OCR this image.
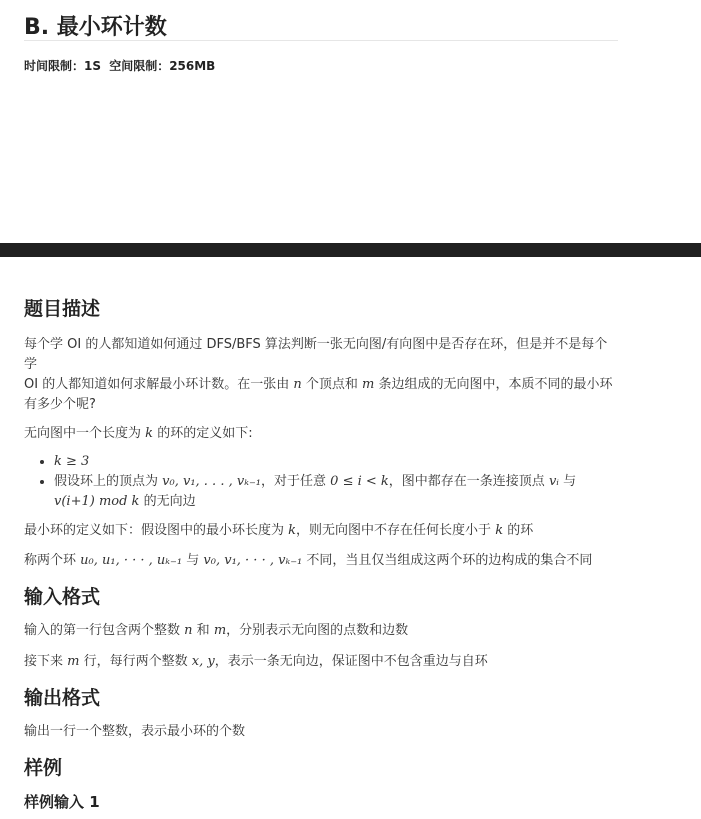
B. 最小环计数
时间限制：1S 空间限制：256MB
题目描述

每个学 OI 的人都知道如何通过 DFS/BFS 算法判断一张无向图/有向图中是否存在环，但是并不是每个学
OI 的人都知道如何求解最小环计数。在一张由 n 个顶点和 m 条边组成的无向图中，本质不同的最小环
有多少个呢?

无向图中一个长度为 k 的环的定义如下:

• k ≥ 3
• 假设环上的顶点为 v₀, v₁, . . . , vₖ₋₁，对于任意 0 ≤ i < k，图中都存在一条连接顶点 vᵢ 与
v(i+1) mod k 的无向边

最小环的定义如下：假设图中的最小环长度为 k，则无向图中不存在任何长度小于 k 的环

称两个环 u₀, u₁, · · · , uₖ₋₁ 与 v₀, v₁, · · · , vₖ₋₁ 不同，当且仅当组成这两个环的边构成的集合不同

输入格式

输入的第一行包含两个整数 n 和 m，分别表示无向图的点数和边数

接下来 m 行，每行两个整数 x, y，表示一条无向边，保证图中不包含重边与自环

输出格式

输出一行一个整数，表示最小环的个数

样例
样例输入 1
